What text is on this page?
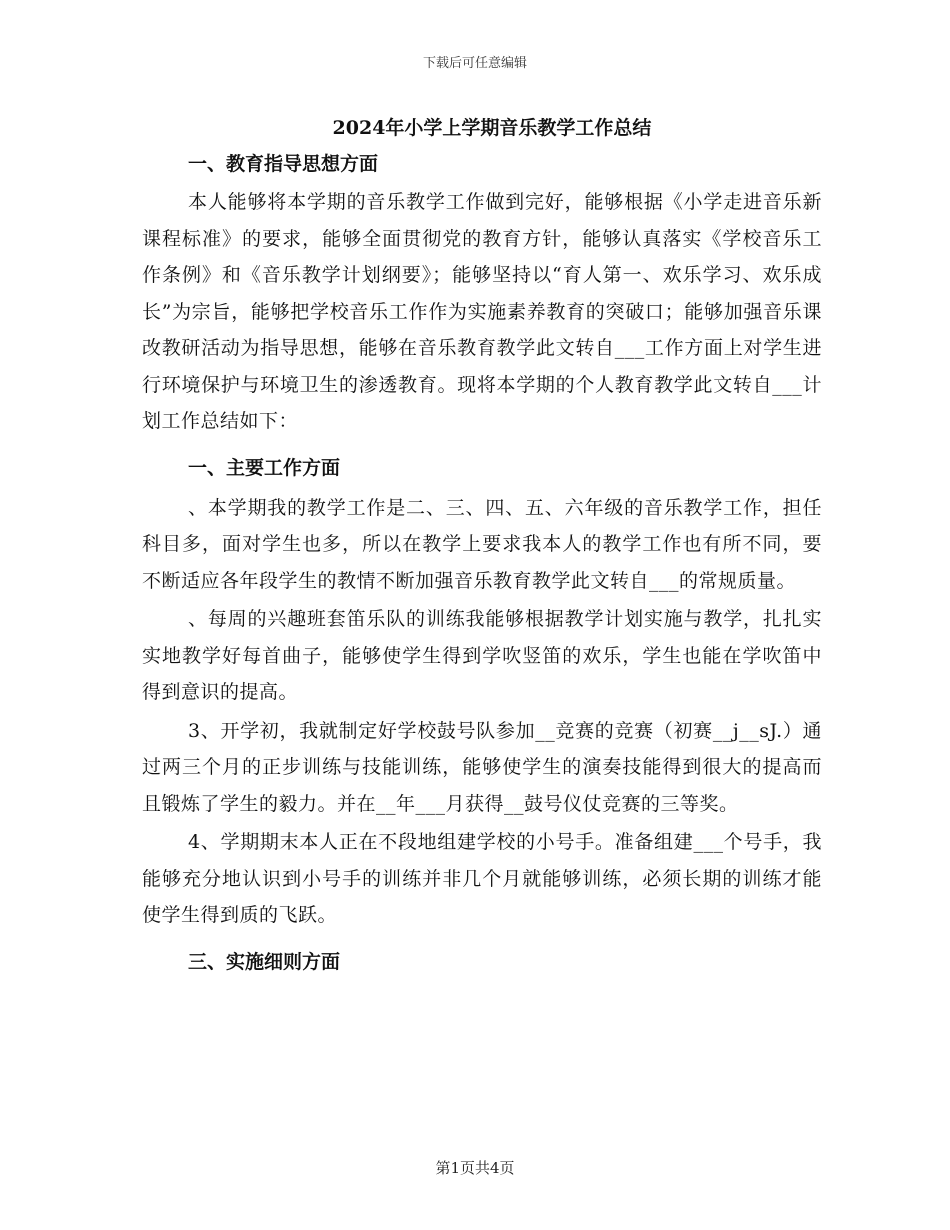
下载后可任意编辑
2024年小学上学期音乐教学工作总结
一、教育指导思想方面

本人能够将本学期的音乐教学工作做到完好，能够根据《小学走进音乐新课程标准》的要求，能够全面贯彻党的教育方针，能够认真落实《学校音乐工作条例》和《音乐教学计划纲要》；能够坚持以“育人第一、欢乐学习、欢乐成长”为宗旨，能够把学校音乐工作作为实施素养教育的突破口；能够加强音乐课改教研活动为指导思想，能够在音乐教育教学此文转自___工作方面上对学生进行环境保护与环境卫生的渗透教育。现将本学期的个人教育教学此文转自___计划工作总结如下：

一、主要工作方面

、本学期我的教学工作是二、三、四、五、六年级的音乐教学工作，担任科目多，面对学生也多，所以在教学上要求我本人的教学工作也有所不同，要不断适应各年段学生的教情不断加强音乐教育教学此文转自___的常规质量。

、每周的兴趣班套笛乐队的训练我能够根据教学计划实施与教学，扎扎实实地教学好每首曲子，能够使学生得到学吹竖笛的欢乐，学生也能在学吹笛中得到意识的提高。

3、开学初，我就制定好学校鼓号队参加__竞赛的竞赛（初赛__j__sJ.）通过两三个月的正步训练与技能训练，能够使学生的演奏技能得到很大的提高而且锻炼了学生的毅力。并在__年___月获得__鼓号仪仗竞赛的三等奖。

4、学期期末本人正在不段地组建学校的小号手。准备组建___个号手，我能够充分地认识到小号手的训练并非几个月就能够训练，必须长期的训练才能使学生得到质的飞跃。

三、实施细则方面
第1页共4页
